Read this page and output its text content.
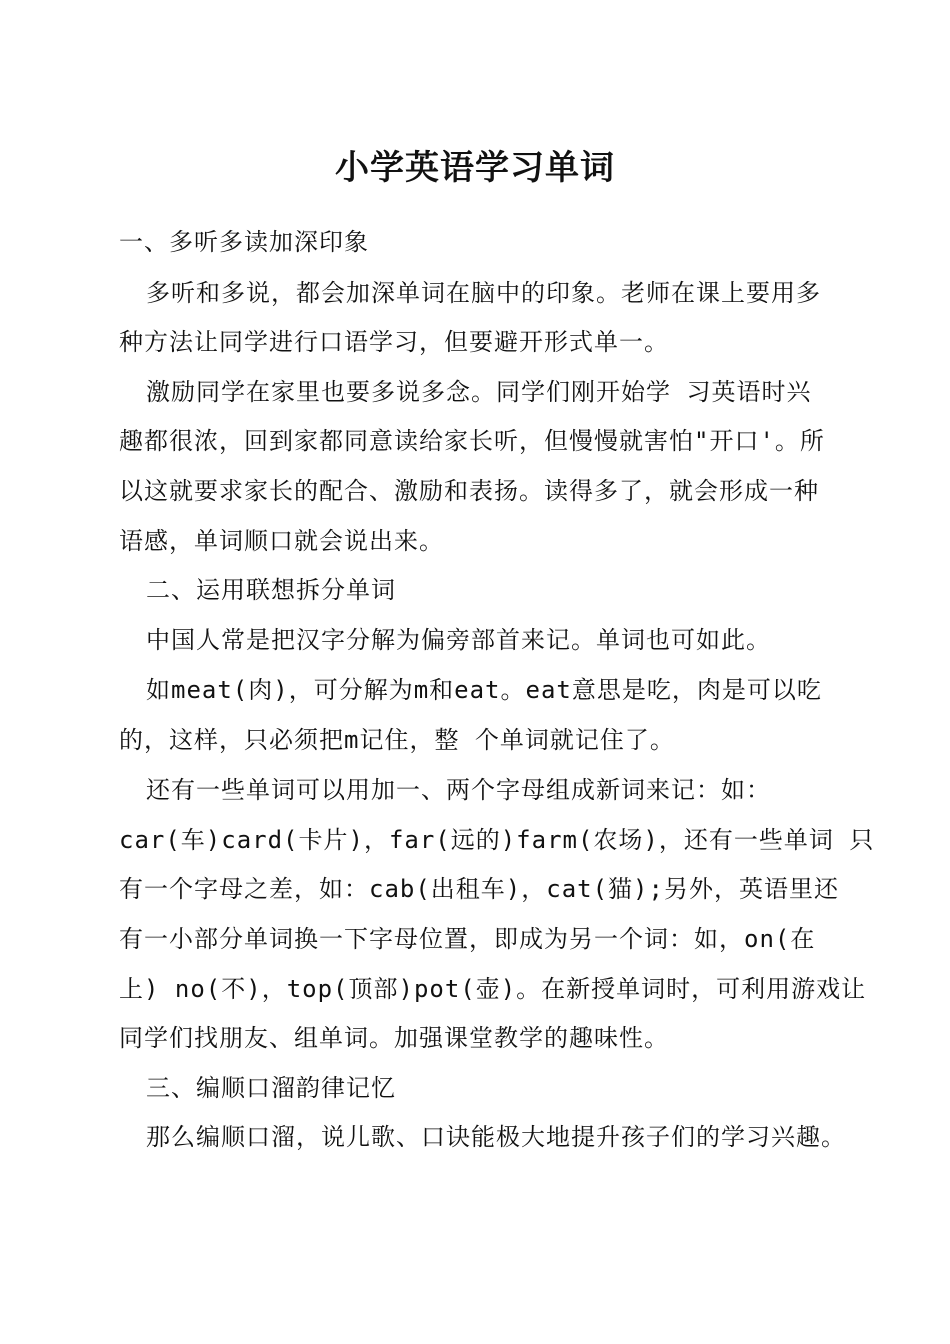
小学英语学习单词
一、多听多读加深印象
多听和多说，都会加深单词在脑中的印象。老师在课上要用多
种方法让同学进行口语学习，但要避开形式单一。
激励同学在家里也要多说多念。同学们刚开始学 习英语时兴
趣都很浓，回到家都同意读给家长听，但慢慢就害怕"开口'。所
以这就要求家长的配合、激励和表扬。读得多了，就会形成一种
语感，单词顺口就会说出来。
二、运用联想拆分单词
中国人常是把汉字分解为偏旁部首来记。单词也可如此。
如meat(肉)，可分解为m和eat。eat意思是吃，肉是可以吃
的，这样，只必须把m记住，整 个单词就记住了。
还有一些单词可以用加一、两个字母组成新词来记：如：
car(车)card(卡片)，far(远的)farm(农场)，还有一些单词 只
有一个字母之差，如：cab(出租车)，cat(猫);另外，英语里还
有一小部分单词换一下字母位置，即成为另一个词：如，on(在
上) no(不)，top(顶部)pot(壶)。在新授单词时，可利用游戏让
同学们找朋友、组单词。加强课堂教学的趣味性。
三、编顺口溜韵律记忆
那么编顺口溜，说儿歌、口诀能极大地提升孩子们的学习兴趣。
